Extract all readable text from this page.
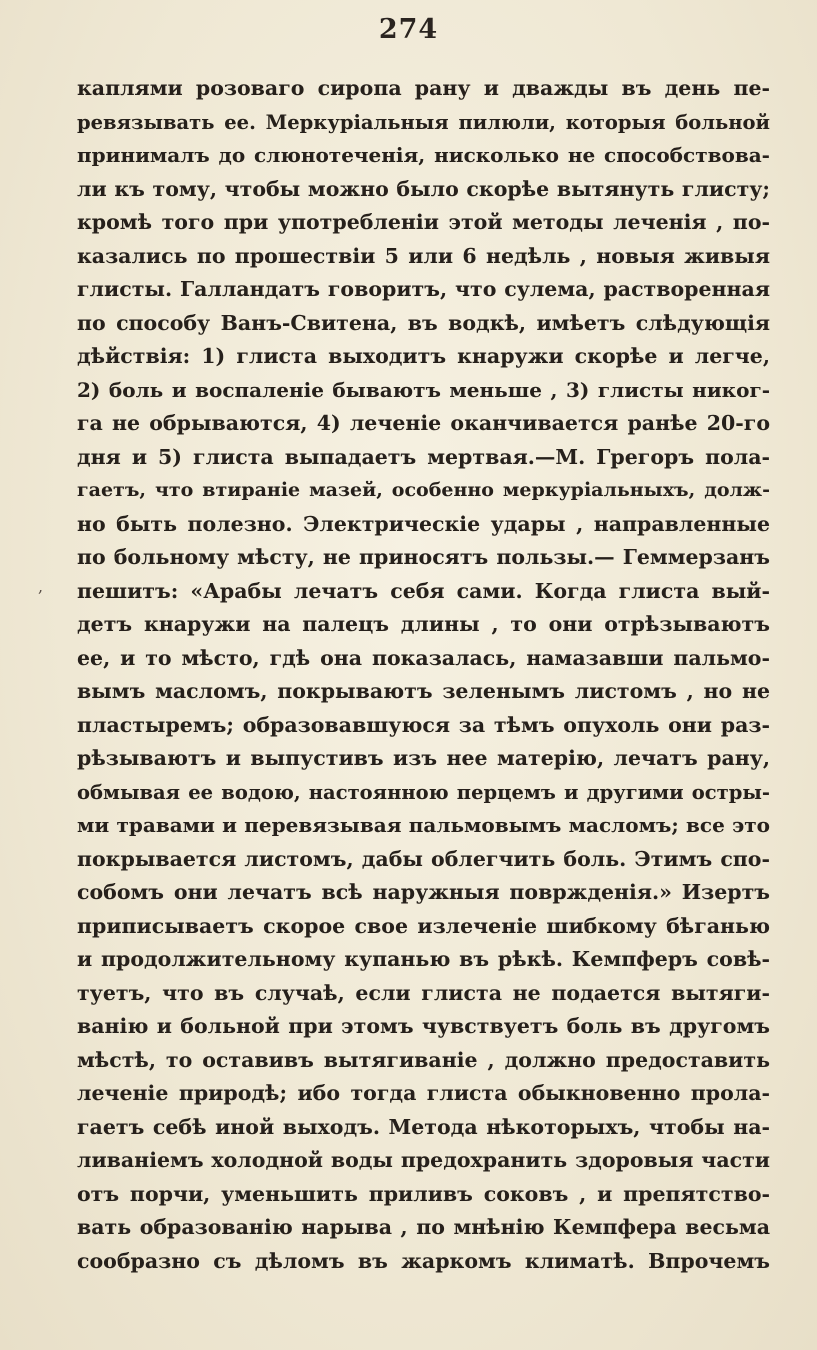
274
,
каплями розоваго сиропа рану и дважды въ день пе-
ревязывать ее. Меркуріальныя пилюли, которыя больной
принималъ до слюнотеченія, нисколько не способствова-
ли къ тому, чтобы можно было скорѣе вытянуть глисту;
кромѣ того при употребленіи этой методы леченія , по-
казались по прошествіи 5 или 6 недѣль , новыя живыя
глисты. Галландатъ говоритъ, что сулема, растворенная
по способу Ванъ-Свитена, въ водкѣ, имѣетъ слѣдующія
дѣйствія: 1) глиста выходитъ кнаружи скорѣе и легче,
2) боль и воспаленіе бываютъ меньше , 3) глисты никог-
га не обрываются, 4) леченіе оканчивается ранѣе 20-го
дня и 5) глиста выпадаетъ мертвая.—М. Грегоръ пола-
гаетъ, что втираніе мазей, особенно меркуріальныхъ, долж-
но быть полезно. Электрическіе удары , направленные
по больному мѣсту, не приносятъ пользы.— Геммерзанъ
пешитъ: «Арабы лечатъ себя сами. Когда глиста вый-
детъ кнаружи на палецъ длины , то они отрѣзываютъ
ее, и то мѣсто, гдѣ она показалась, намазавши пальмо-
вымъ масломъ, покрываютъ зеленымъ листомъ , но не
пластыремъ; образовавшуюся за тѣмъ опухоль они раз-
рѣзываютъ и выпустивъ изъ нее матерію, лечатъ рану,
обмывая ее водою, настоянною перцемъ и другими остры-
ми травами и перевязывая пальмовымъ масломъ; все это
покрывается листомъ, дабы облегчить боль. Этимъ спо-
собомъ они лечатъ всѣ наружныя повржденія.» Изертъ
приписываетъ скорое свое излеченіе шибкому бѣганью
и продолжительному купанью въ рѣкѣ. Кемпферъ совѣ-
туетъ, что въ случаѣ, если глиста не подается вытяги-
ванію и больной при этомъ чувствуетъ боль въ другомъ
мѣстѣ, то оставивъ вытягиваніе , должно предоставить
леченіе природѣ; ибо тогда глиста обыкновенно прола-
гаетъ себѣ иной выходъ. Метода нѣкоторыхъ, чтобы на-
ливаніемъ холодной воды предохранить здоровыя части
отъ порчи, уменьшить приливъ соковъ , и препятство-
вать образованію нарыва , по мнѣнію Кемпфера весьма
сообразно съ дѣломъ въ жаркомъ климатѣ. Впрочемъ
